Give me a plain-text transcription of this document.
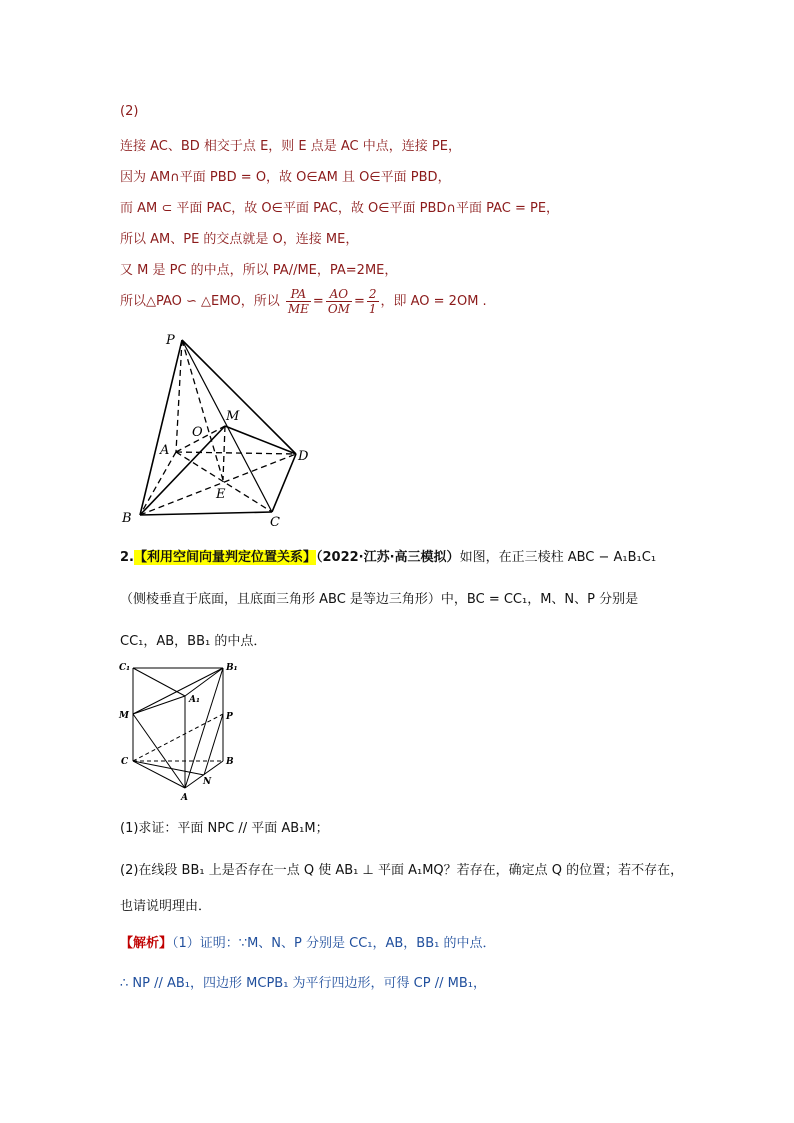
(2)
连接 AC、BD 相交于点 E，则 E 点是 AC 中点，连接 PE，
因为 AM∩平面 PBD = O，故 O∈AM 且 O∈平面 PBD，
而 AM ⊂ 平面 PAC，故 O∈平面 PAC，故 O∈平面 PBD∩平面 PAC = PE，
所以 AM、PE 的交点就是 O，连接 ME，
又 M 是 PC 的中点，所以 PA//ME，PA=2ME，
所以△PAO ∽ △EMO，所以 $\frac{PA}{ME} = \frac{AO}{OM} = \frac{2}{1}$ ，即 AO = 2OM .
P
O
M
A	D
E
B	C
2.【利用空间向量判定位置关系】（2022·江苏·高三模拟）如图，在正三棱柱 ABC − A₁B₁C₁
（侧棱垂直于底面，且底面三角形 ABC 是等边三角形）中，BC = CC₁，M、N、P 分别是
CC₁，AB，BB₁ 的中点．
C₁	B₁
A₁
M	P
C	B
N
A
(1)求证：平面 NPC // 平面 AB₁M；
(2)在线段 BB₁ 上是否存在一点 Q 使 AB₁ ⊥ 平面 A₁MQ？若存在，确定点 Q 的位置；若不存在，
也请说明理由．
【解析】（1）证明：∵M、N、P 分别是 CC₁，AB，BB₁ 的中点．
∴ NP // AB₁，四边形 MCPB₁ 为平行四边形，可得 CP // MB₁，
